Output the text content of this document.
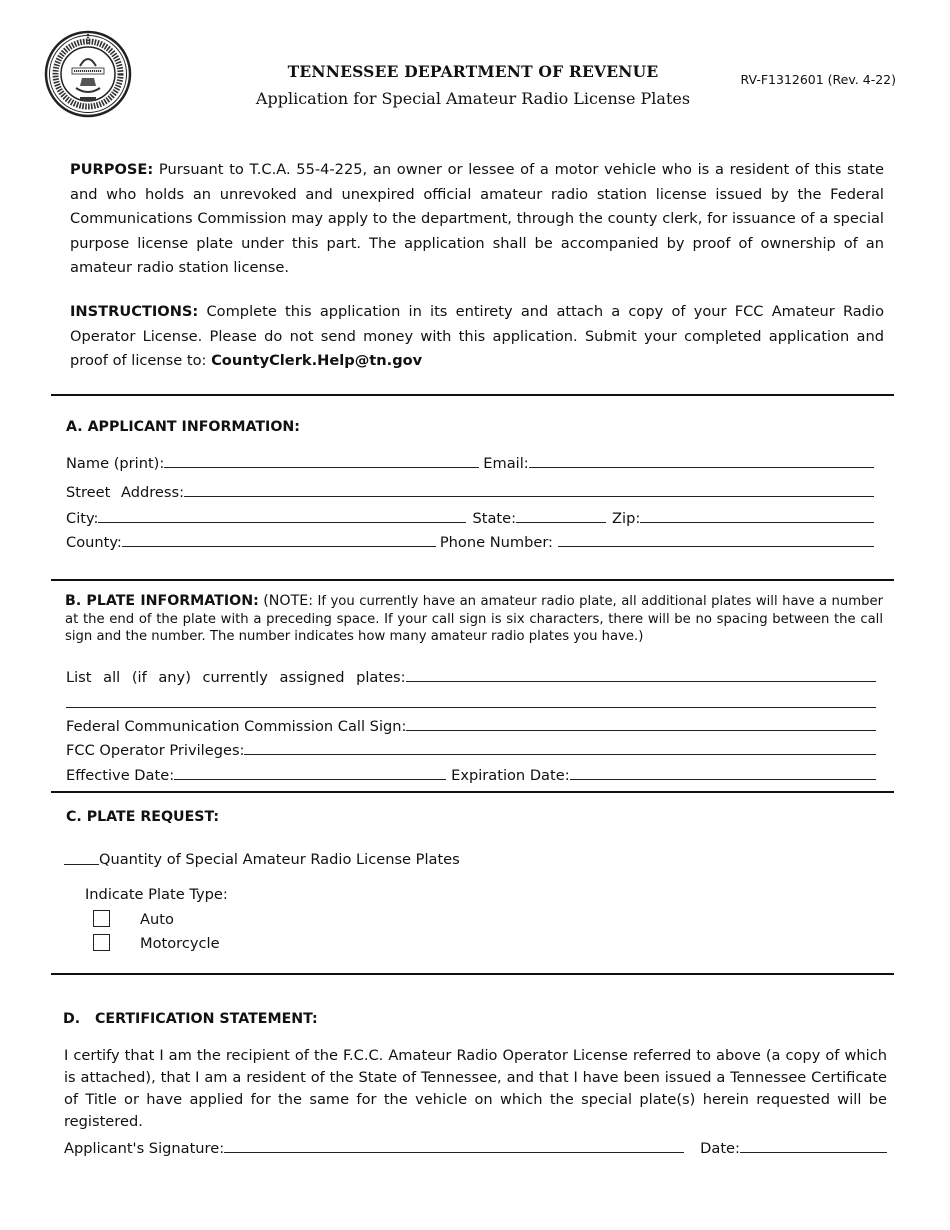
TENNESSEE DEPARTMENT OF REVENUE
Application for Special Amateur Radio License Plates
RV-F1312601 (Rev. 4-22)
PURPOSE: Pursuant to T.C.A. 55-4-225, an owner or lessee of a motor vehicle who is a resident of this state and who holds an unrevoked and unexpired official amateur radio station license issued by the Federal Communications Commission may apply to the department, through the county clerk, for issuance of a special purpose license plate under this part. The application shall be accompanied by proof of ownership of an amateur radio station license.
INSTRUCTIONS: Complete this application in its entirety and attach a copy of your FCC Amateur Radio Operator License. Please do not send money with this application. Submit your completed application and proof of license to: CountyClerk.Help@tn.gov
A. APPLICANT INFORMATION:
Name (print):	Email:
Street Address:
City:	State:	Zip:
County:	Phone Number:
B. PLATE INFORMATION: (NOTE: If you currently have an amateur radio plate, all additional plates will have a number at the end of the plate with a preceding space. If your call sign is six characters, there will be no spacing between the call sign and the number. The number indicates how many amateur radio plates you have.)
List all (if any) currently assigned plates:
Federal Communication Commission Call Sign:
FCC Operator Privileges:
Effective Date:	Expiration Date:
C. PLATE REQUEST:
Quantity of Special Amateur Radio License Plates
Indicate Plate Type:
Auto
Motorcycle
D.   CERTIFICATION STATEMENT:
I certify that I am the recipient of the F.C.C. Amateur Radio Operator License referred to above (a copy of which is attached), that I am a resident of the State of Tennessee, and that I have been issued a Tennessee Certificate of Title or have applied for the same for the vehicle on which the special plate(s) herein requested will be registered.
Applicant's Signature:	Date:
